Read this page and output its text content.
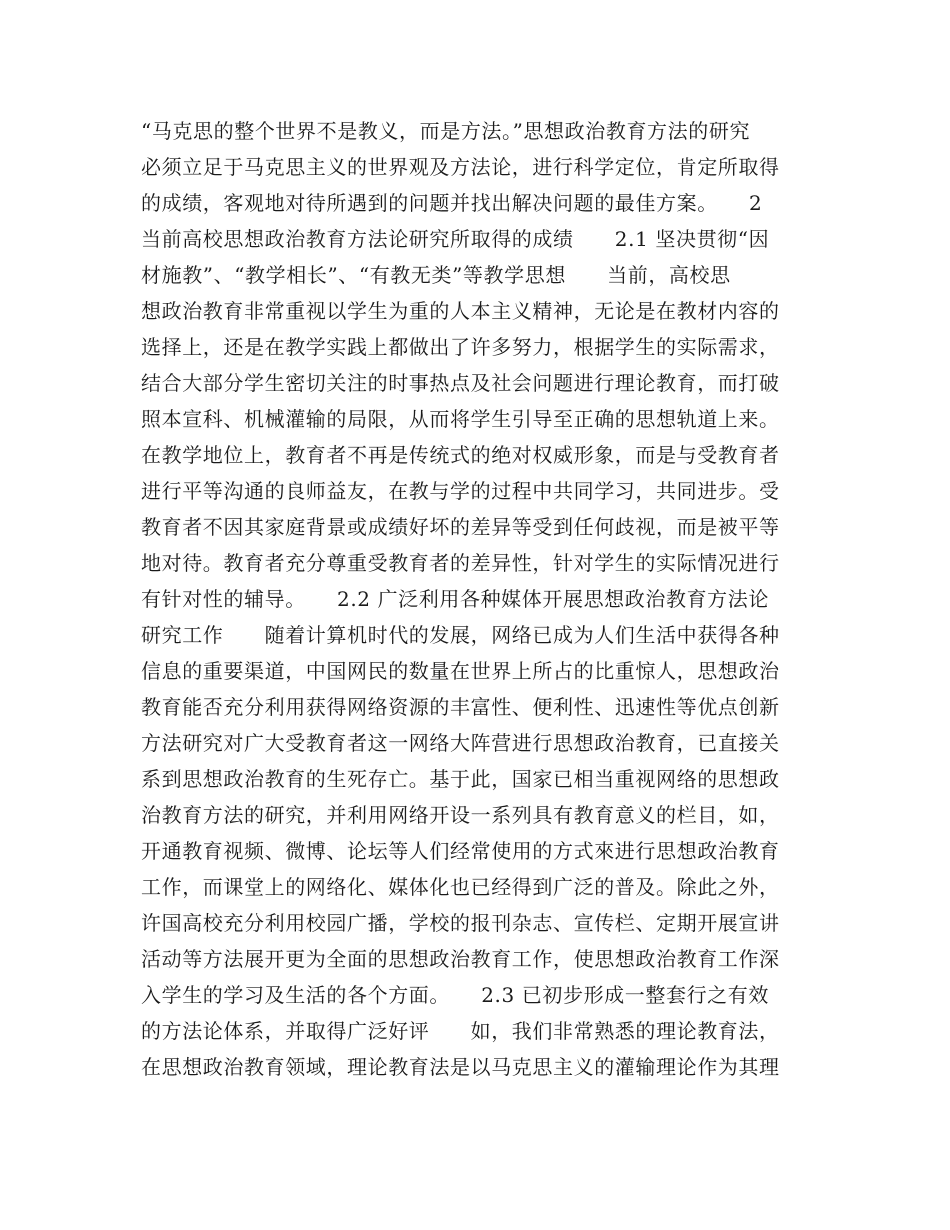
“马克思的整个世界不是教义，而是方法。”思想政治教育方法的研究
必须立足于马克思主义的世界观及方法论，进行科学定位，肯定所取得
的成绩，客观地对待所遇到的问题并找出解决问题的最佳方案。　　2
当前高校思想政治教育方法论研究所取得的成绩　　2.1 坚决贯彻“因
材施教”、“教学相长”、“有教无类”等教学思想　　当前，高校思
想政治教育非常重视以学生为重的人本主义精神，无论是在教材内容的
选择上，还是在教学实践上都做出了许多努力，根据学生的实际需求，
结合大部分学生密切关注的时事热点及社会问题进行理论教育，而打破
照本宣科、机械灌输的局限，从而将学生引导至正确的思想轨道上来。
在教学地位上，教育者不再是传统式的绝对权威形象，而是与受教育者
进行平等沟通的良师益友，在教与学的过程中共同学习，共同进步。受
教育者不因其家庭背景或成绩好坏的差异等受到任何歧视，而是被平等
地对待。教育者充分尊重受教育者的差异性，针对学生的实际情况进行
有针对性的辅导。　　2.2 广泛利用各种媒体开展思想政治教育方法论
研究工作　　随着计算机时代的发展，网络已成为人们生活中获得各种
信息的重要渠道，中国网民的数量在世界上所占的比重惊人，思想政治
教育能否充分利用获得网络资源的丰富性、便利性、迅速性等优点创新
方法研究对广大受教育者这一网络大阵营进行思想政治教育，已直接关
系到思想政治教育的生死存亡。基于此，国家已相当重视网络的思想政
治教育方法的研究，并利用网络开设一系列具有教育意义的栏目，如，
开通教育视频、微博、论坛等人们经常使用的方式來进行思想政治教育
工作，而课堂上的网络化、媒体化也已经得到广泛的普及。除此之外，
许国高校充分利用校园广播，学校的报刊杂志、宣传栏、定期开展宣讲
活动等方法展开更为全面的思想政治教育工作，使思想政治教育工作深
入学生的学习及生活的各个方面。　　2.3 已初步形成一整套行之有效
的方法论体系，并取得广泛好评　　如，我们非常熟悉的理论教育法，
在思想政治教育领域，理论教育法是以马克思主义的灌输理论作为其理
